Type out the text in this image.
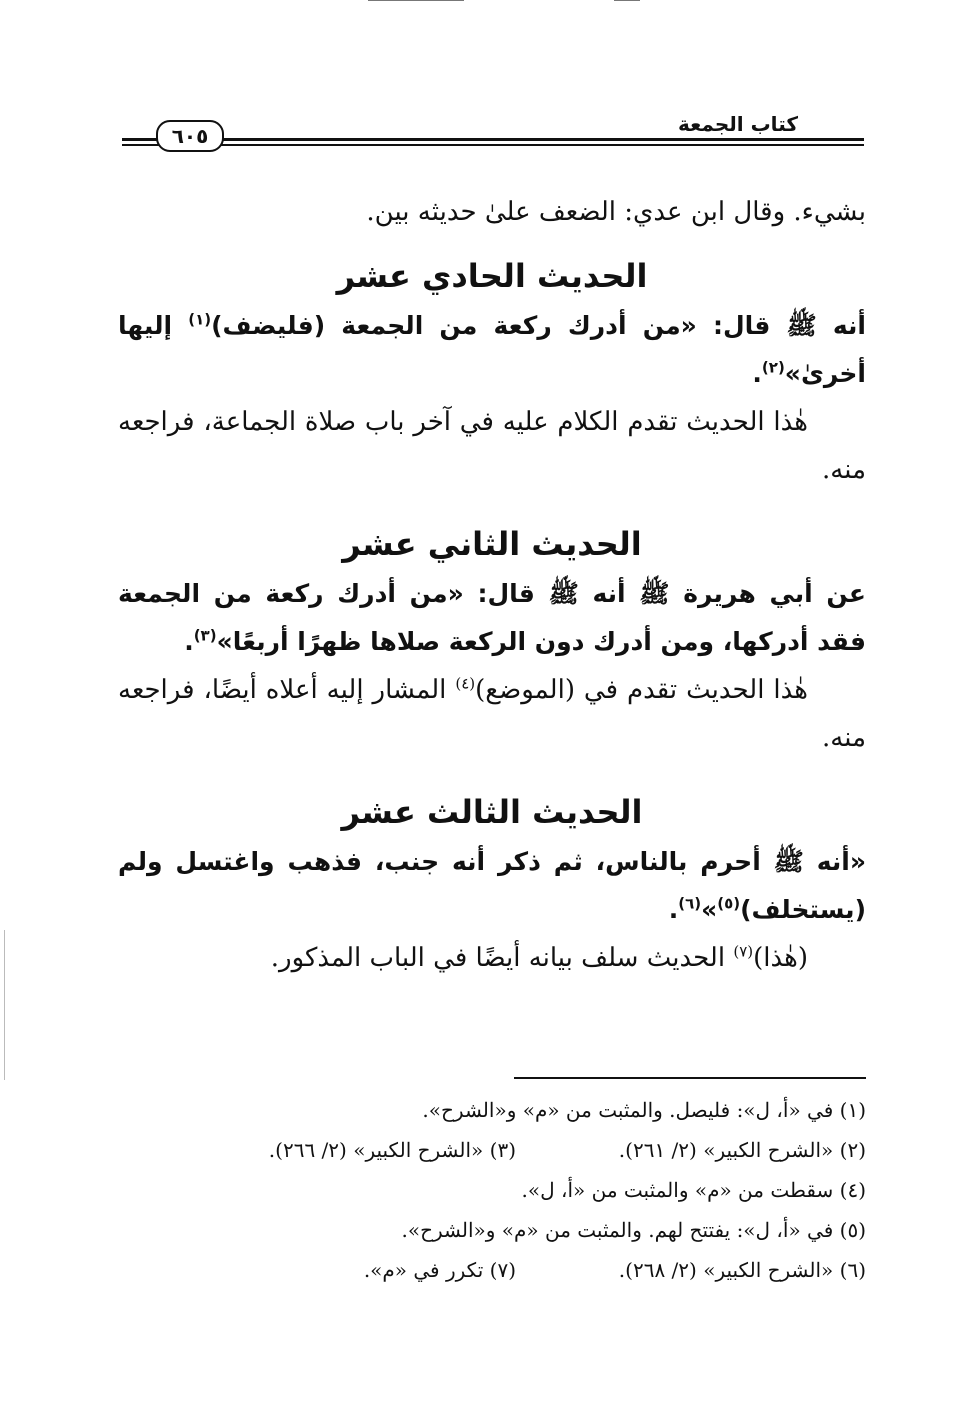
كتاب الجمعة
٦٠٥

بشيء. وقال ابن عدي: الضعف علىٰ حديثه بين.

الحديث الحادي عشر

أنه ﷺ قال: «من أدرك ركعة من الجمعة (فليضف)$^{(١)}$ إليها أخرىٰ»$^{(٢)}$.

هٰذا الحديث تقدم الكلام عليه في آخر باب صلاة الجماعة، فراجعه منه.

الحديث الثاني عشر

عن أبي هريرة ﷺ أنه ﷺ قال: «من أدرك ركعة من الجمعة فقد أدركها، ومن أدرك دون الركعة صلاها ظهرًا أربعًا»$^{(٣)}$.

هٰذا الحديث تقدم في (الموضع)$^{(٤)}$ المشار إليه أعلاه أيضًا، فراجعه منه.

الحديث الثالث عشر

«أنه ﷺ أحرم بالناس، ثم ذكر أنه جنب، فذهب واغتسل ولم (يستخلف)$^{(٥)}$»$^{(٦)}$.

(هٰذا)$^{(٧)}$ الحديث سلف بيانه أيضًا في الباب المذكور.

(١) في «أ، ل»: فليصل. والمثبت من «م» و«الشرح».
(٢) «الشرح الكبير» (٢/ ٢٦١).(٣) «الشرح الكبير» (٢/ ٢٦٦).
(٤) سقطت من «م» والمثبت من «أ، ل».
(٥) في «أ، ل»: يفتتح لهم. والمثبت من «م» و«الشرح».
(٦) «الشرح الكبير» (٢/ ٢٦٨).(٧) تكرر في «م».
